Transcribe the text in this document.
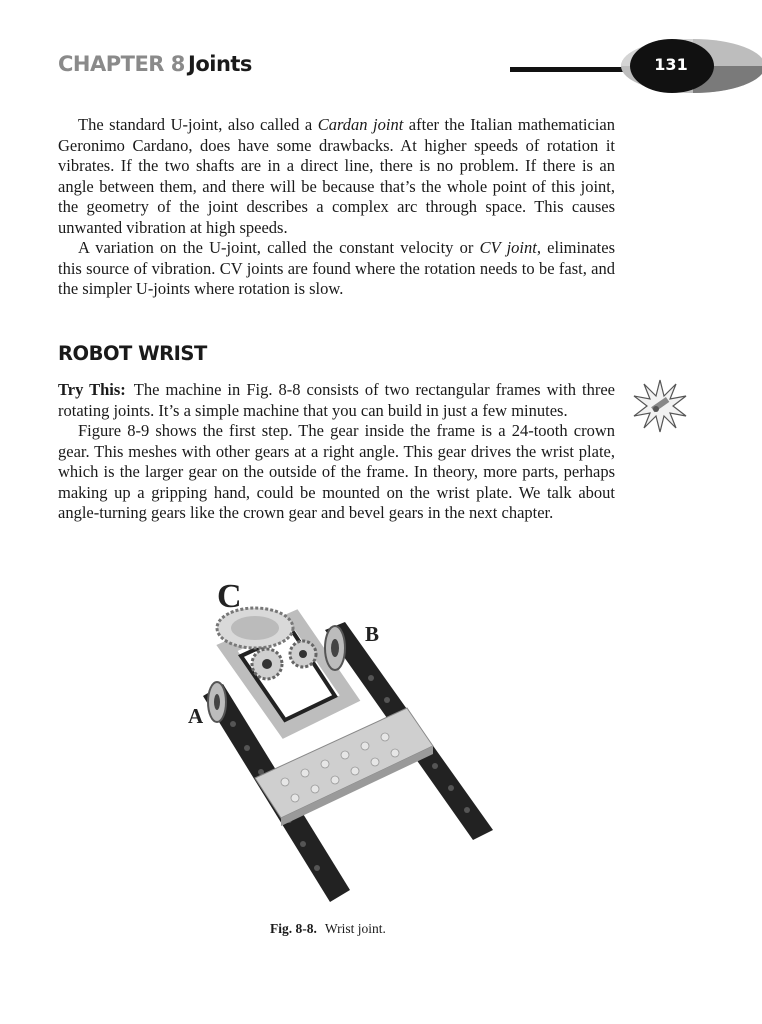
CHAPTER 8 Joints	131

The standard U-joint, also called a Cardan joint after the Italian mathematician Geronimo Cardano, does have some drawbacks. At higher speeds of rotation it vibrates. If the two shafts are in a direct line, there is no problem. If there is an angle between them, and there will be because that’s the whole point of this joint, the geometry of the joint describes a complex arc through space. This causes unwanted vibration at high speeds.

A variation on the U-joint, called the constant velocity or CV joint, eliminates this source of vibration. CV joints are found where the rotation needs to be fast, and the simpler U-joints where rotation is slow.

ROBOT WRIST

Try This: The machine in Fig. 8-8 consists of two rectangular frames with three rotating joints. It’s a simple machine that you can build in just a few minutes.

Figure 8-9 shows the first step. The gear inside the frame is a 24-tooth crown gear. This meshes with other gears at a right angle. This gear drives the wrist plate, which is the larger gear on the outside of the frame. In theory, more parts, perhaps making up a gripping hand, could be mounted on the wrist plate. We talk about angle-turning gears like the crown gear and bevel gears in the next chapter.

C
B
A
Fig. 8-8. Wrist joint.
